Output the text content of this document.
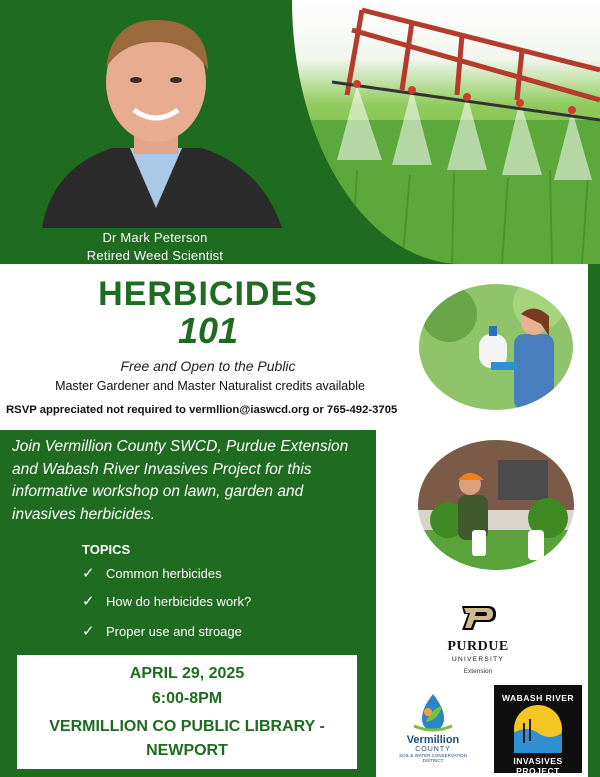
Dr Mark Peterson
Retired Weed Scientist
HERBICIDES
101
Free and Open to the Public
Master Gardener and Master Naturalist credits available
RSVP appreciated not required to vermllion@iaswcd.org or 765-492-3705
Join Vermillion County SWCD, Purdue Extension and Wabash River Invasives Project for this informative workshop on lawn, garden and invasives herbicides.
TOPICS
✓ Common herbicides
✓ How do herbicides work?
✓ Proper use and stroage
APRIL 29, 2025
6:00-8PM
VERMILLION CO PUBLIC LIBRARY - NEWPORT
PURDUE
UNIVERSITY
Extension
Vermillion
COUNTY
SOIL & WATER CONSERVATION DISTRICT
WABASH RIVER
INVASIVES PROJECT
